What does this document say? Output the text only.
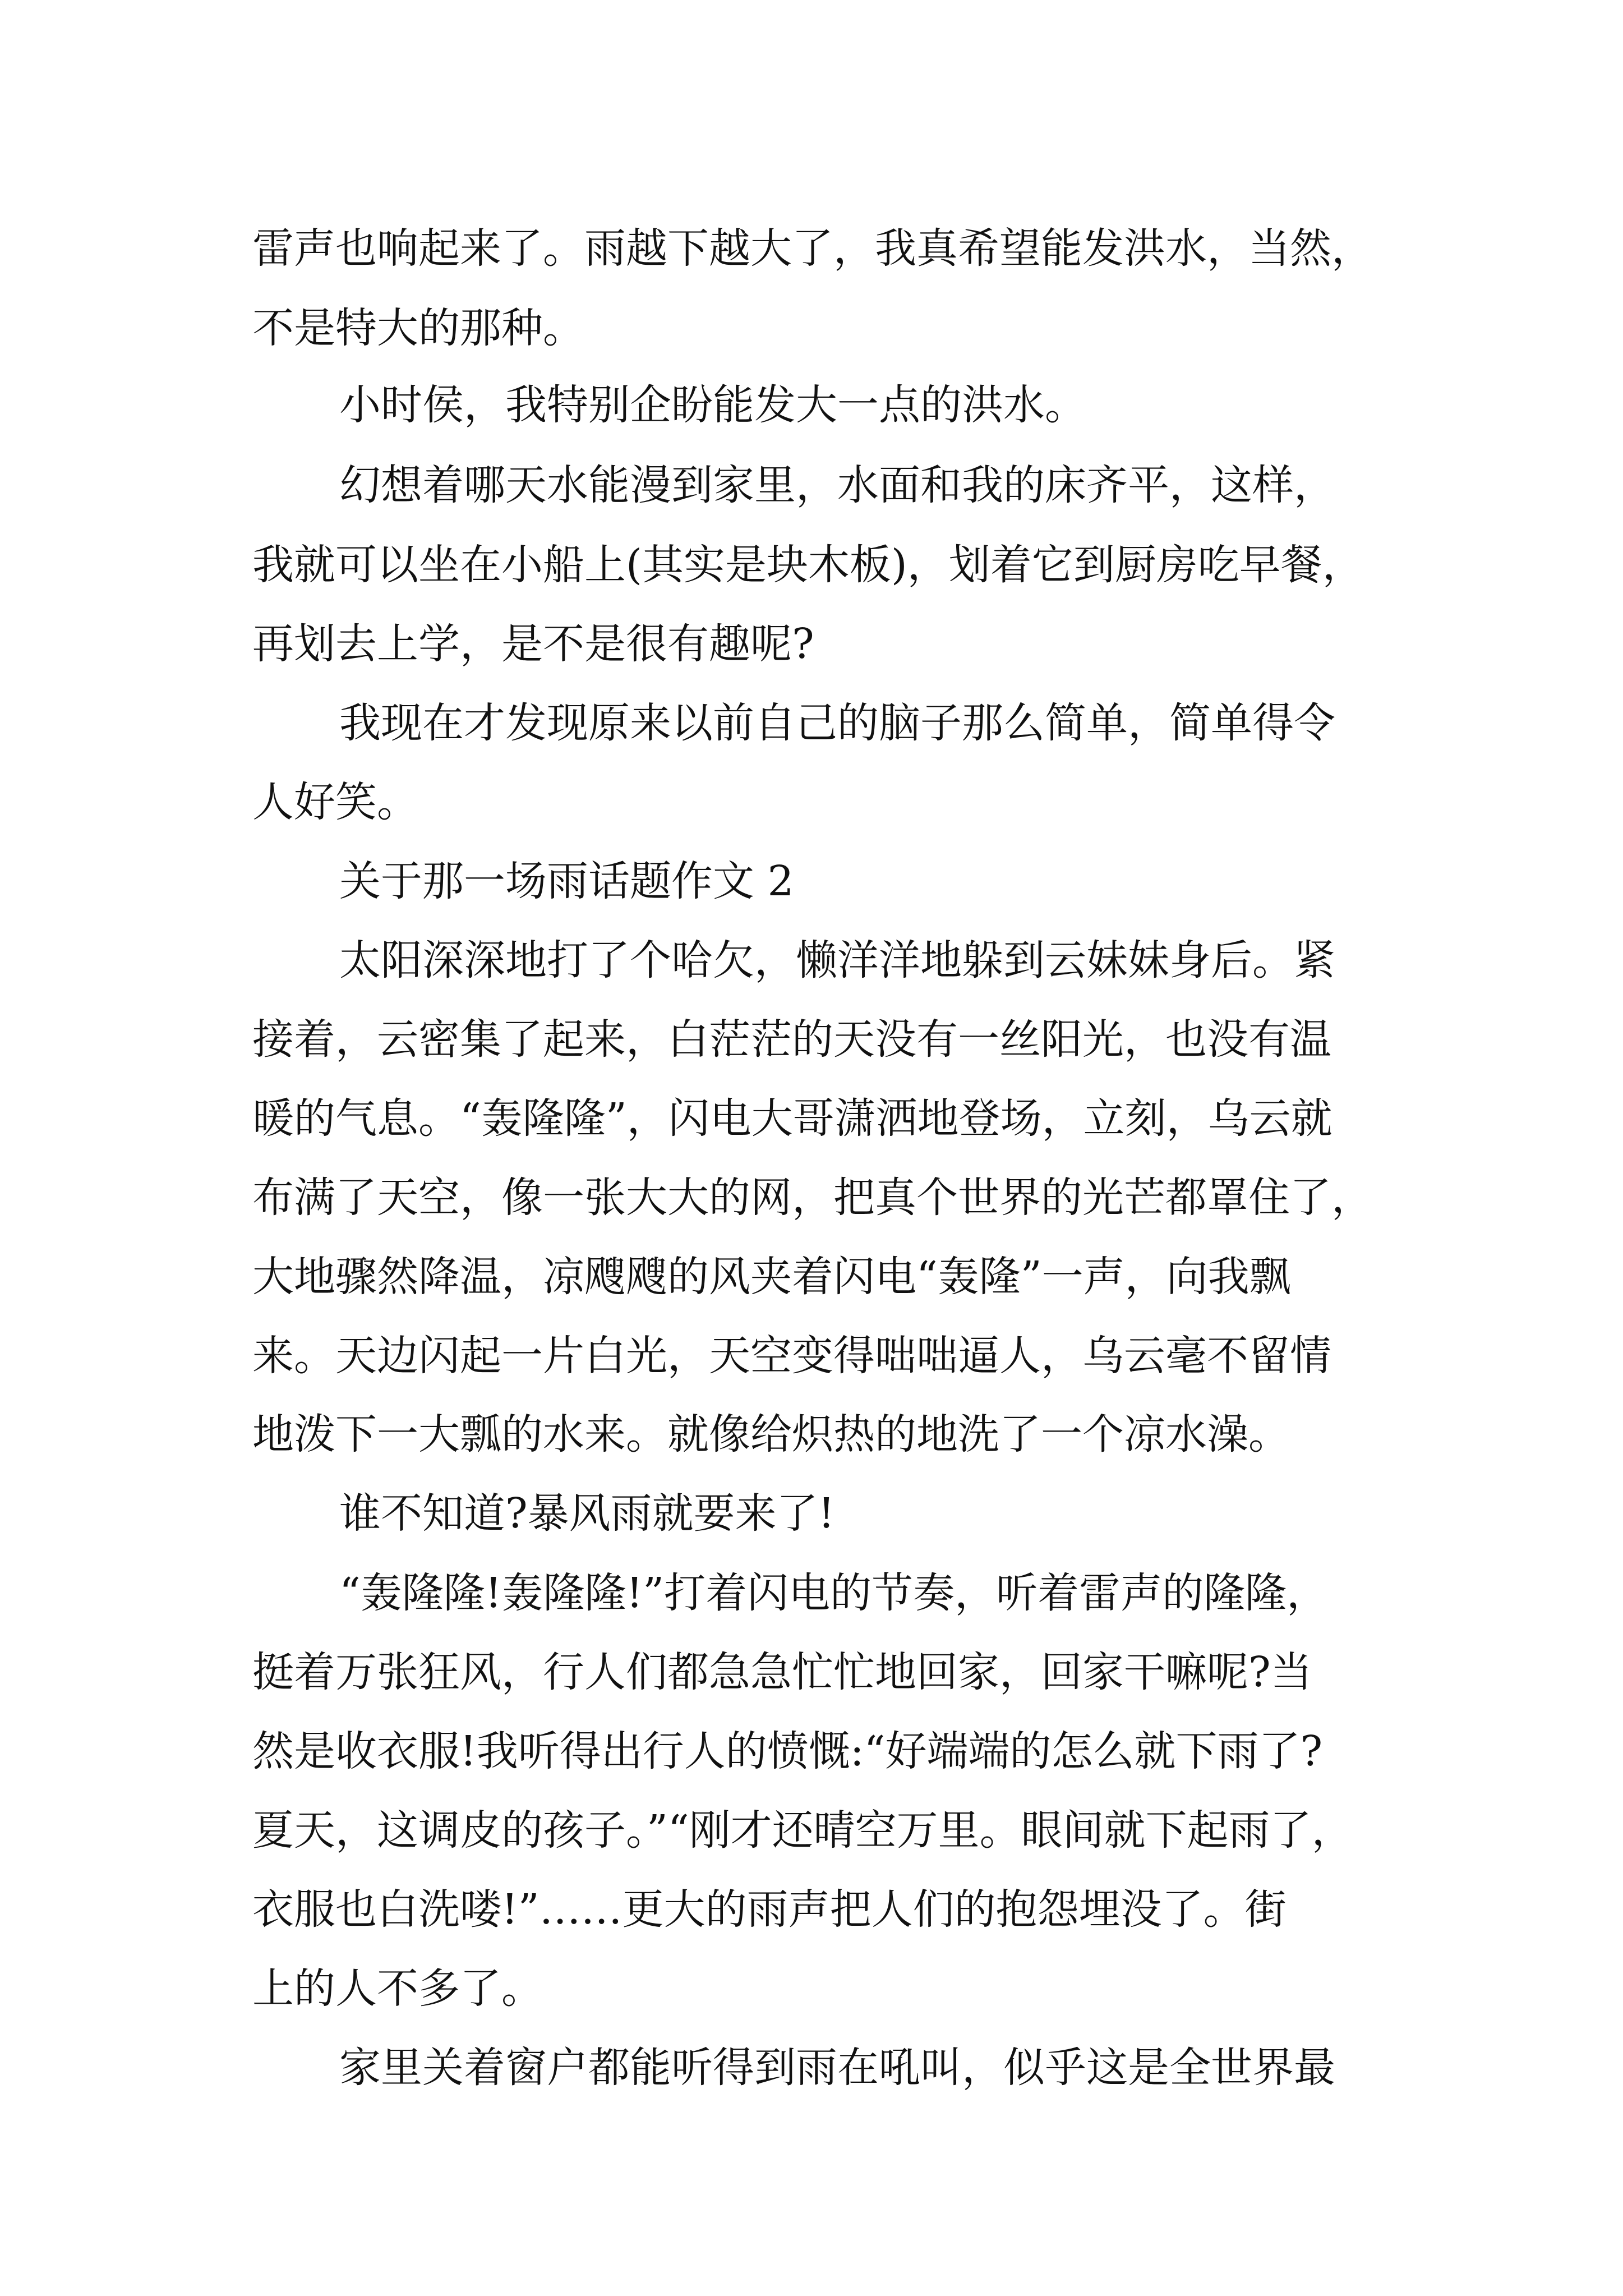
雷声也响起来了。雨越下越大了，我真希望能发洪水，当然，

不是特大的那种。

小时侯，我特别企盼能发大一点的洪水。

幻想着哪天水能漫到家里，水面和我的床齐平，这样，

我就可以坐在小船上(其实是块木板)，划着它到厨房吃早餐，

再划去上学，是不是很有趣呢?

我现在才发现原来以前自己的脑子那么简单，简单得令

人好笑。

关于那一场雨话题作文 2

太阳深深地打了个哈欠，懒洋洋地躲到云妹妹身后。紧

接着，云密集了起来，白茫茫的天没有一丝阳光，也没有温

暖的气息。“轰隆隆”，闪电大哥潇洒地登场，立刻，乌云就

布满了天空，像一张大大的网，把真个世界的光芒都罩住了，

大地骤然降温，凉飕飕的风夹着闪电“轰隆”一声，向我飘

来。天边闪起一片白光，天空变得咄咄逼人，乌云毫不留情

地泼下一大瓢的水来。就像给炽热的地洗了一个凉水澡。

谁不知道?暴风雨就要来了!

“轰隆隆!轰隆隆!”打着闪电的节奏，听着雷声的隆隆，

挺着万张狂风，行人们都急急忙忙地回家，回家干嘛呢?当

然是收衣服!我听得出行人的愤慨:“好端端的怎么就下雨了?

夏天，这调皮的孩子。”“刚才还晴空万里。眼间就下起雨了，

衣服也白洗喽!”……更大的雨声把人们的抱怨埋没了。街

上的人不多了。

家里关着窗户都能听得到雨在吼叫，似乎这是全世界最
